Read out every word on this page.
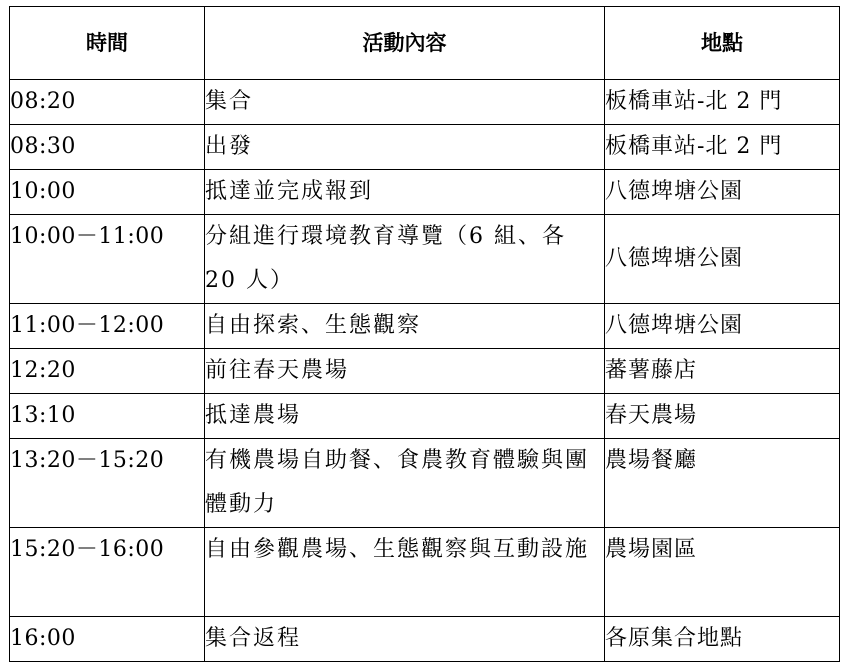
時間	活動內容	地點
08:20	集合	板橋車站-北 2 門
08:30	出發	板橋車站-北 2 門
10:00	抵達並完成報到	八德埤塘公園
10:00－11:00	分組進行環境教育導覽（6 組、各 20 人）	八德埤塘公園
11:00－12:00	自由探索、生態觀察	八德埤塘公園
12:20	前往春天農場	蕃薯藤店
13:10	抵達農場	春天農場
13:20－15:20	有機農場自助餐、食農教育體驗與團體動力	農場餐廳
15:20－16:00	自由參觀農場、生態觀察與互動設施	農場園區
16:00	集合返程	各原集合地點
